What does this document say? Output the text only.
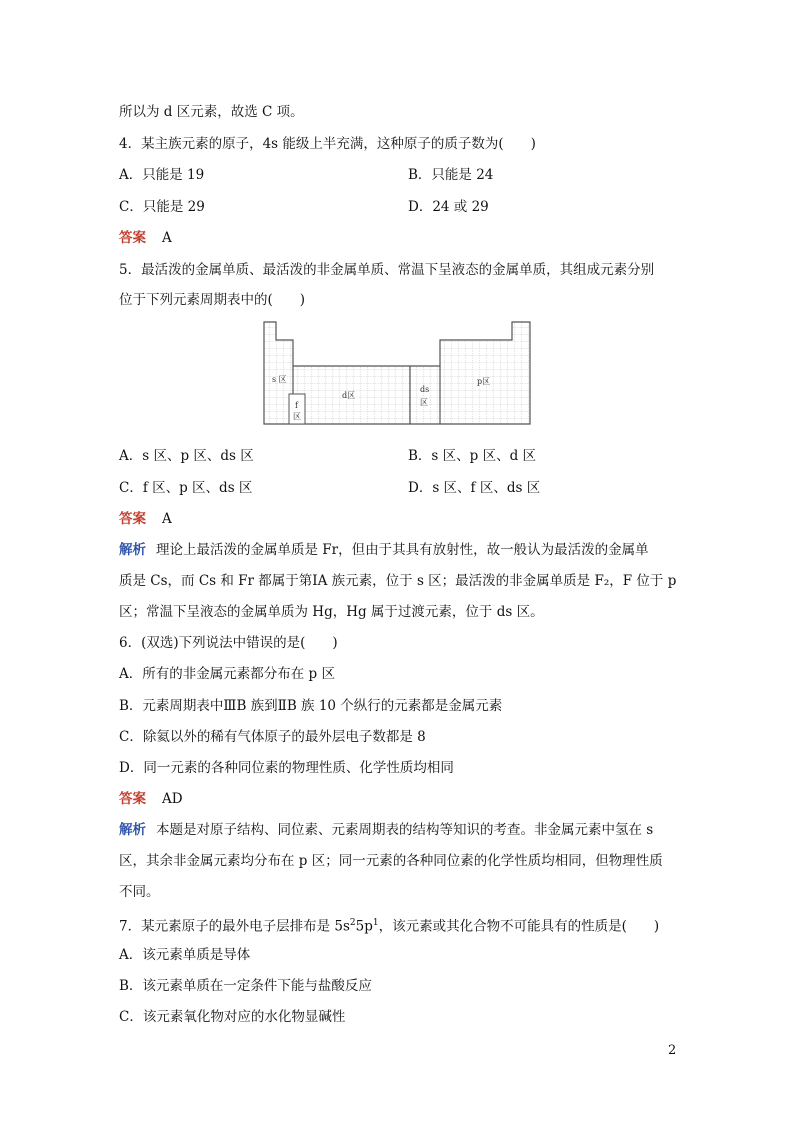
所以为 d 区元素，故选 C 项。
4．某主族元素的原子，4s 能级上半充满，这种原子的质子数为(　　)
A．只能是 19	B．只能是 24
C．只能是 29	D．24 或 29
答案 A
5．最活泼的金属单质、最活泼的非金属单质、常温下呈液态的金属单质，其组成元素分别
位于下列元素周期表中的(　　)
s 区
d区
ds
区
p区
f
区
A．s 区、p 区、ds 区	B．s 区、p 区、d 区
C．f 区、p 区、ds 区	D．s 区、f 区、ds 区
答案 A
解析 理论上最活泼的金属单质是 Fr，但由于其具有放射性，故一般认为最活泼的金属单
质是 Cs，而 Cs 和 Fr 都属于第ⅠA 族元素，位于 s 区；最活泼的非金属单质是 F₂，F 位于 p
区；常温下呈液态的金属单质为 Hg，Hg 属于过渡元素，位于 ds 区。
6．(双选)下列说法中错误的是(　　)
A．所有的非金属元素都分布在 p 区
B．元素周期表中ⅢB 族到ⅡB 族 10 个纵行的元素都是金属元素
C．除氦以外的稀有气体原子的最外层电子数都是 8
D．同一元素的各种同位素的物理性质、化学性质均相同
答案 AD
解析 本题是对原子结构、同位素、元素周期表的结构等知识的考查。非金属元素中氢在 s
区，其余非金属元素均分布在 p 区；同一元素的各种同位素的化学性质均相同，但物理性质
不同。
7．某元素原子的最外电子层排布是 $5s^25p^1$，该元素或其化合物不可能具有的性质是(　　)
A．该元素单质是导体
B．该元素单质在一定条件下能与盐酸反应
C．该元素氧化物对应的水化物显碱性
2
